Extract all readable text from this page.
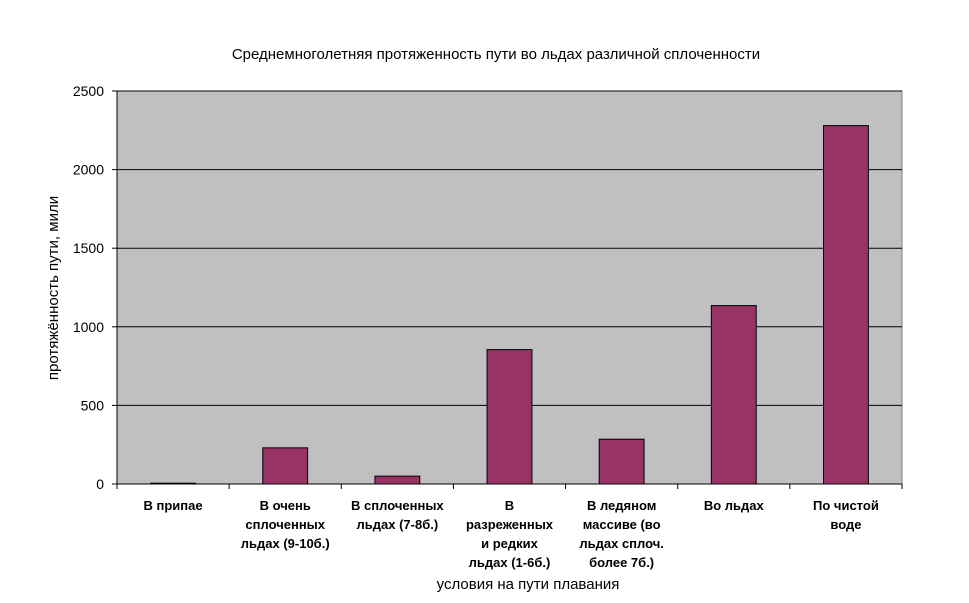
Среднемноголетняя протяженность пути во льдах различной сплоченности
0
500
1000
1500
2000
2500
В припае	В очень сплоченных льдах (9-10б.)
В сплоченных льдах (7-8б.)
В разреженных и редких льдах (1-6б.)
В ледяном массиве (во льдах сплоч. более 7б.)
Во льдах	По чистой воде
условия на пути плавания
протяжённость пути, мили
